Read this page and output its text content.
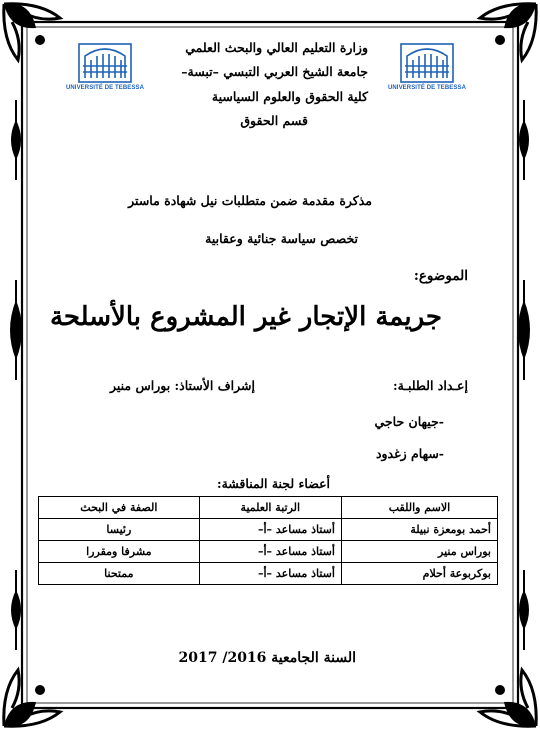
UNIVERSITÉ DE TEBESSA	UNIVERSITÉ DE TEBESSA
وزارة التعليم العالي والبحث العلمي
جامعة الشيخ العربي التبسي –تبسة–
كلية الحقوق والعلوم السياسية
قسم الحقوق
مذكرة مقدمة ضمن متطلبات نيل شهادة ماستر
تخصص سياسة جنائية وعقابية
الموضوع:
جريمة الإتجار غير المشروع بالأسلحة
إعـداد الطلبـة:
إشراف الأستاذ: بوراس منير
-جيهان حاجي
-سهام زغدود
أعضاء لجنة المناقشة:
الاسم واللقب	الرتبة العلمية	الصفة في البحث
أحمد بومعزة نبيلة	أستاذ مساعد –أ–	رئيسا
بوراس منير	أستاذ مساعد –أ–	مشرفا ومقررا
بوكربوعة أحلام	أستاذ مساعد –أ–	ممتحنا
السنة الجامعية 2016/ 2017
